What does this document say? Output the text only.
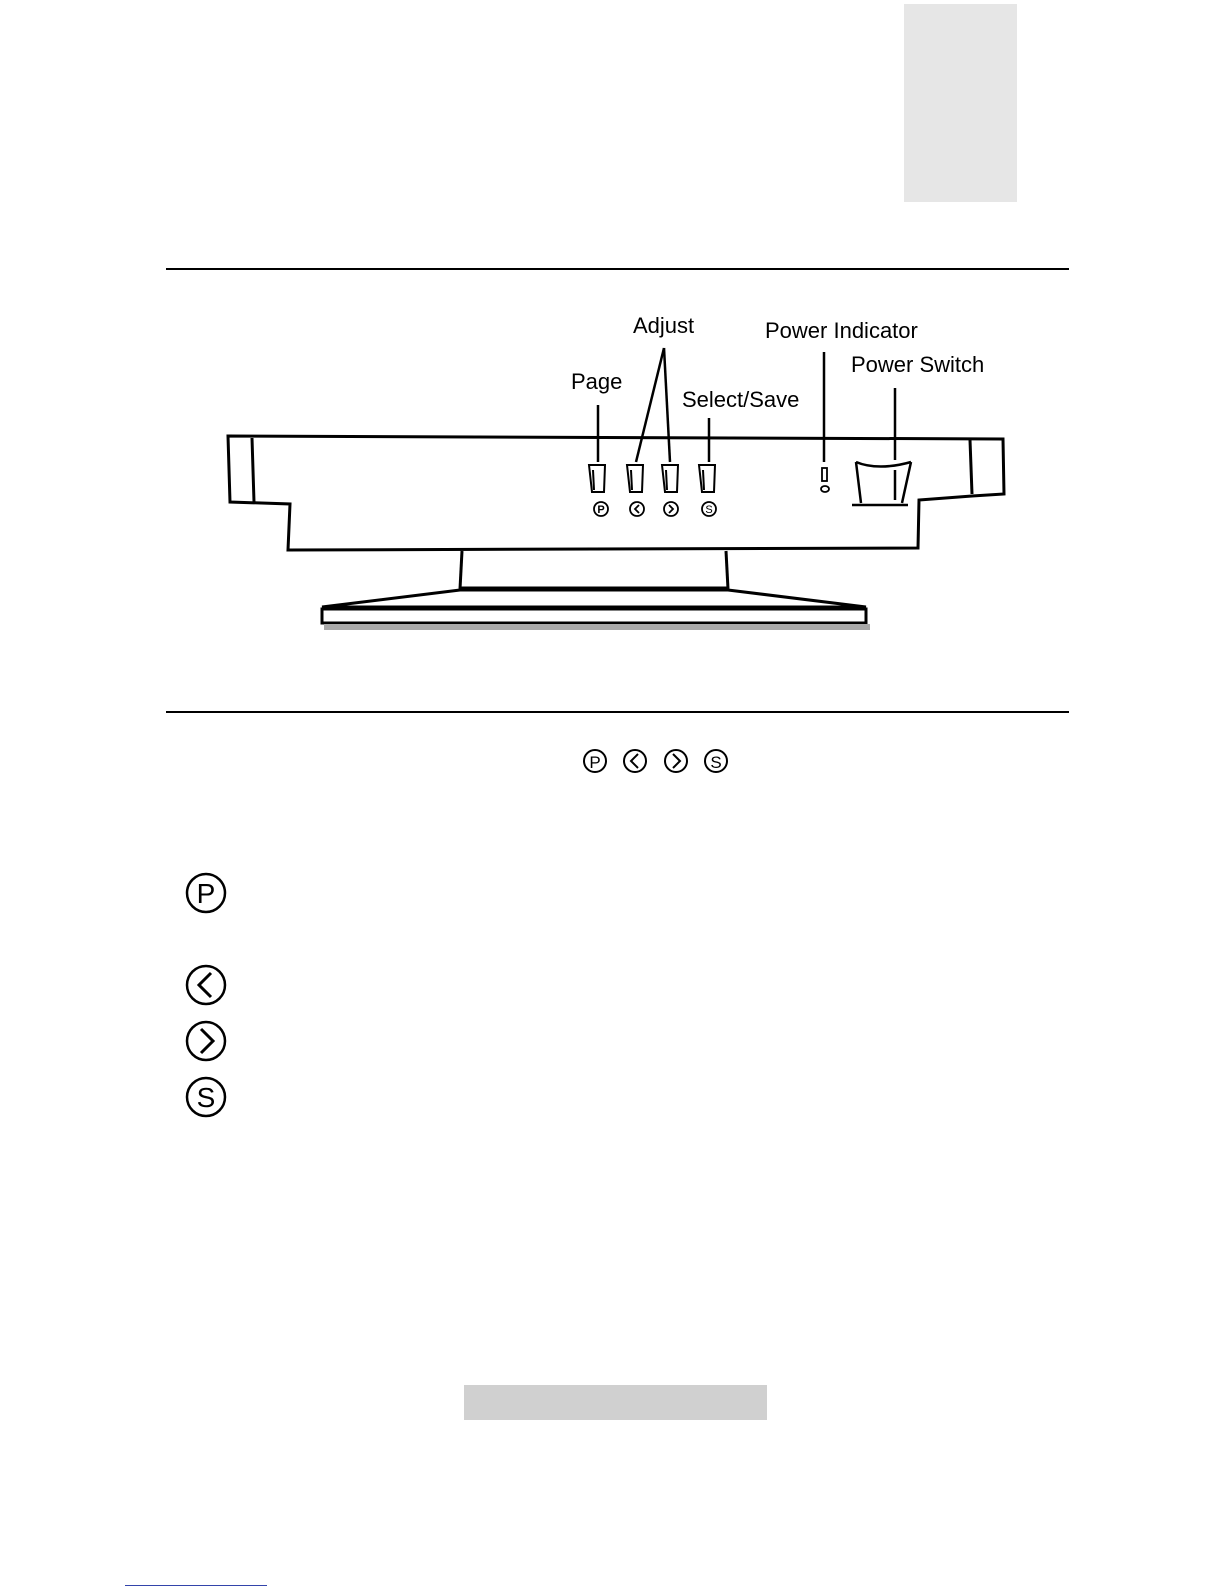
P	S
Adjust	Power Indicator
Power Switch
Page
Select/Save
P	S
P
S
